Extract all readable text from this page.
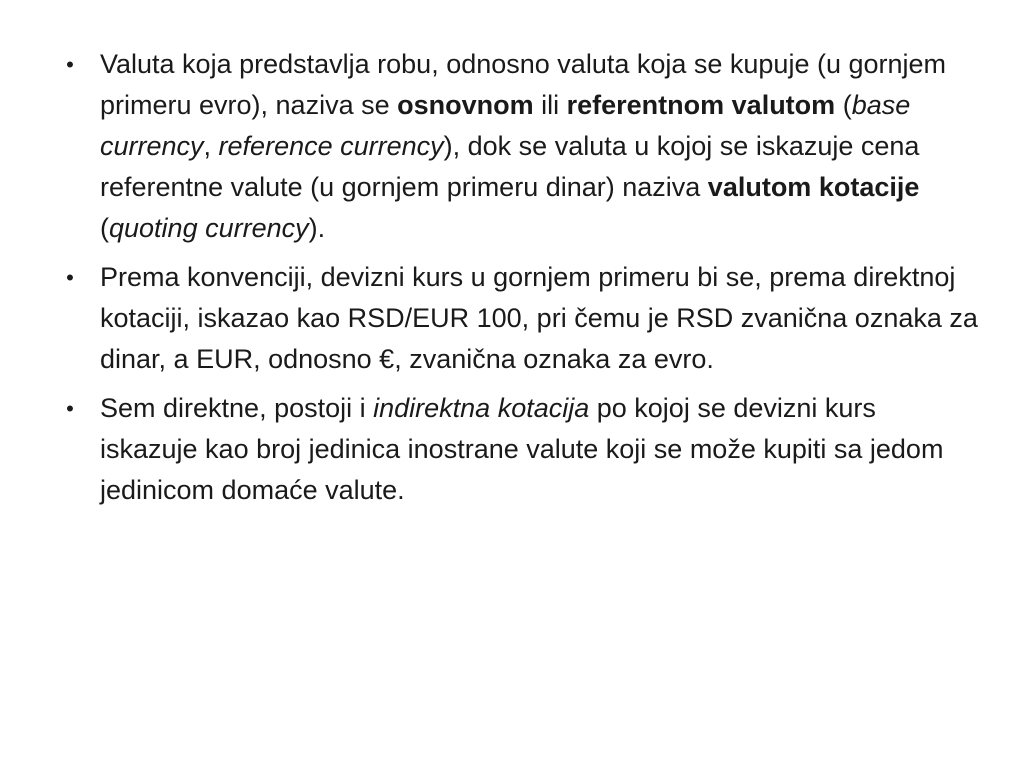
• Valuta koja predstavlja robu, odnosno valuta koja se kupuje (u gornjem primeru evro), naziva se osnovnom ili referentnom valutom (base currency, reference currency), dok se valuta u kojoj se iskazuje cena referentne valute (u gornjem primeru dinar) naziva valutom kotacije (quoting currency).
• Prema konvenciji, devizni kurs u gornjem primeru bi se, prema direktnoj kotaciji, iskazao kao RSD/EUR 100, pri čemu je RSD zvanična oznaka za dinar, a EUR, odnosno €, zvanična oznaka za evro.
• Sem direktne, postoji i indirektna kotacija po kojoj se devizni kurs iskazuje kao broj jedinica inostrane valute koji se može kupiti sa jedom jedinicom domaće valute.
